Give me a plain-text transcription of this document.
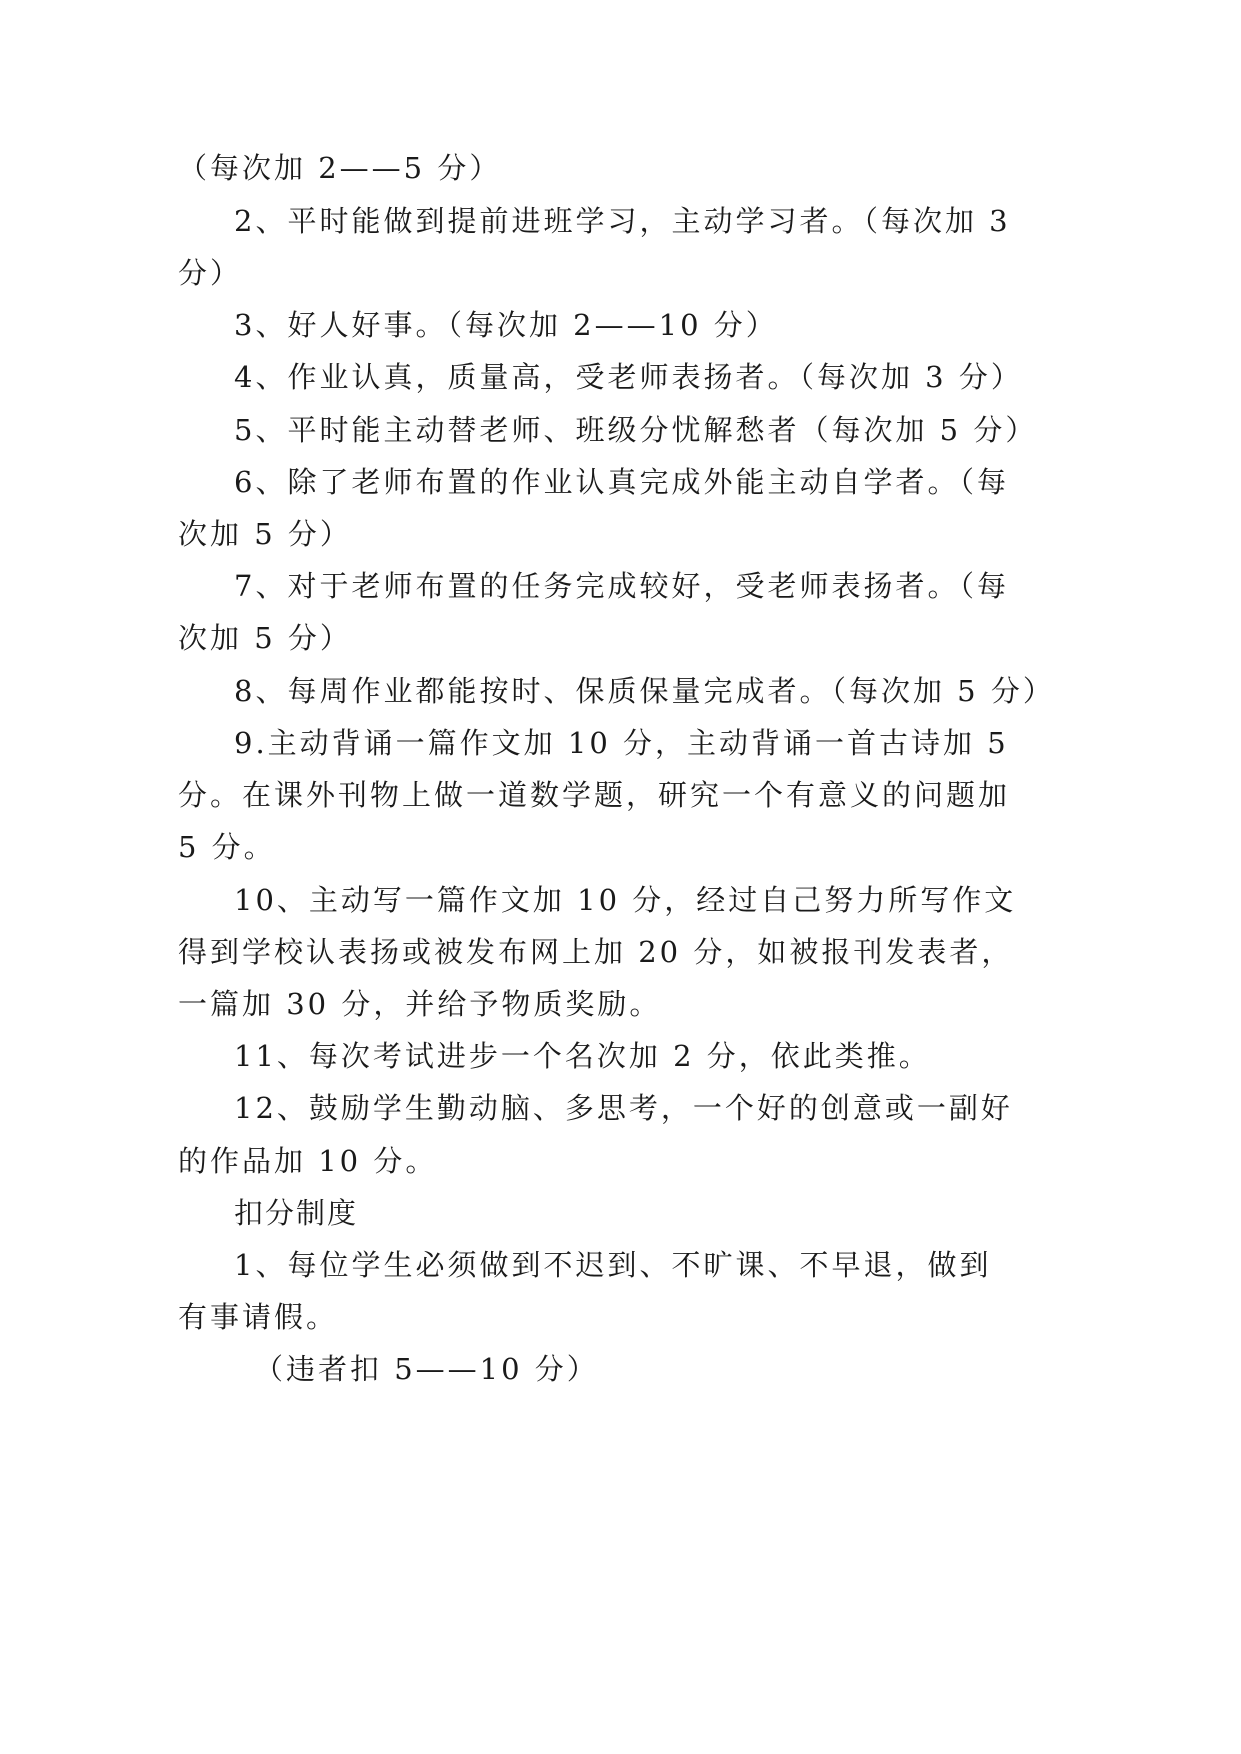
（每次加 2——5 分）
2、平时能做到提前进班学习，主动学习者。（每次加 3
分）
3、好人好事。（每次加 2——10 分）
4、作业认真，质量高，受老师表扬者。（每次加 3 分）
5、平时能主动替老师、班级分忧解愁者（每次加 5 分）
6、除了老师布置的作业认真完成外能主动自学者。（每
次加 5 分）
7、对于老师布置的任务完成较好，受老师表扬者。（每
次加 5 分）
8、每周作业都能按时、保质保量完成者。（每次加 5 分）
9.主动背诵一篇作文加 10 分，主动背诵一首古诗加 5
分。在课外刊物上做一道数学题，研究一个有意义的问题加
5 分。
10、主动写一篇作文加 10 分，经过自己努力所写作文
得到学校认表扬或被发布网上加 20 分，如被报刊发表者，
一篇加 30 分，并给予物质奖励。
11、每次考试进步一个名次加 2 分，依此类推。
12、鼓励学生勤动脑、多思考，一个好的创意或一副好
的作品加 10 分。
扣分制度
1、每位学生必须做到不迟到、不旷课、不早退，做到
有事请假。
（违者扣 5——10 分）
